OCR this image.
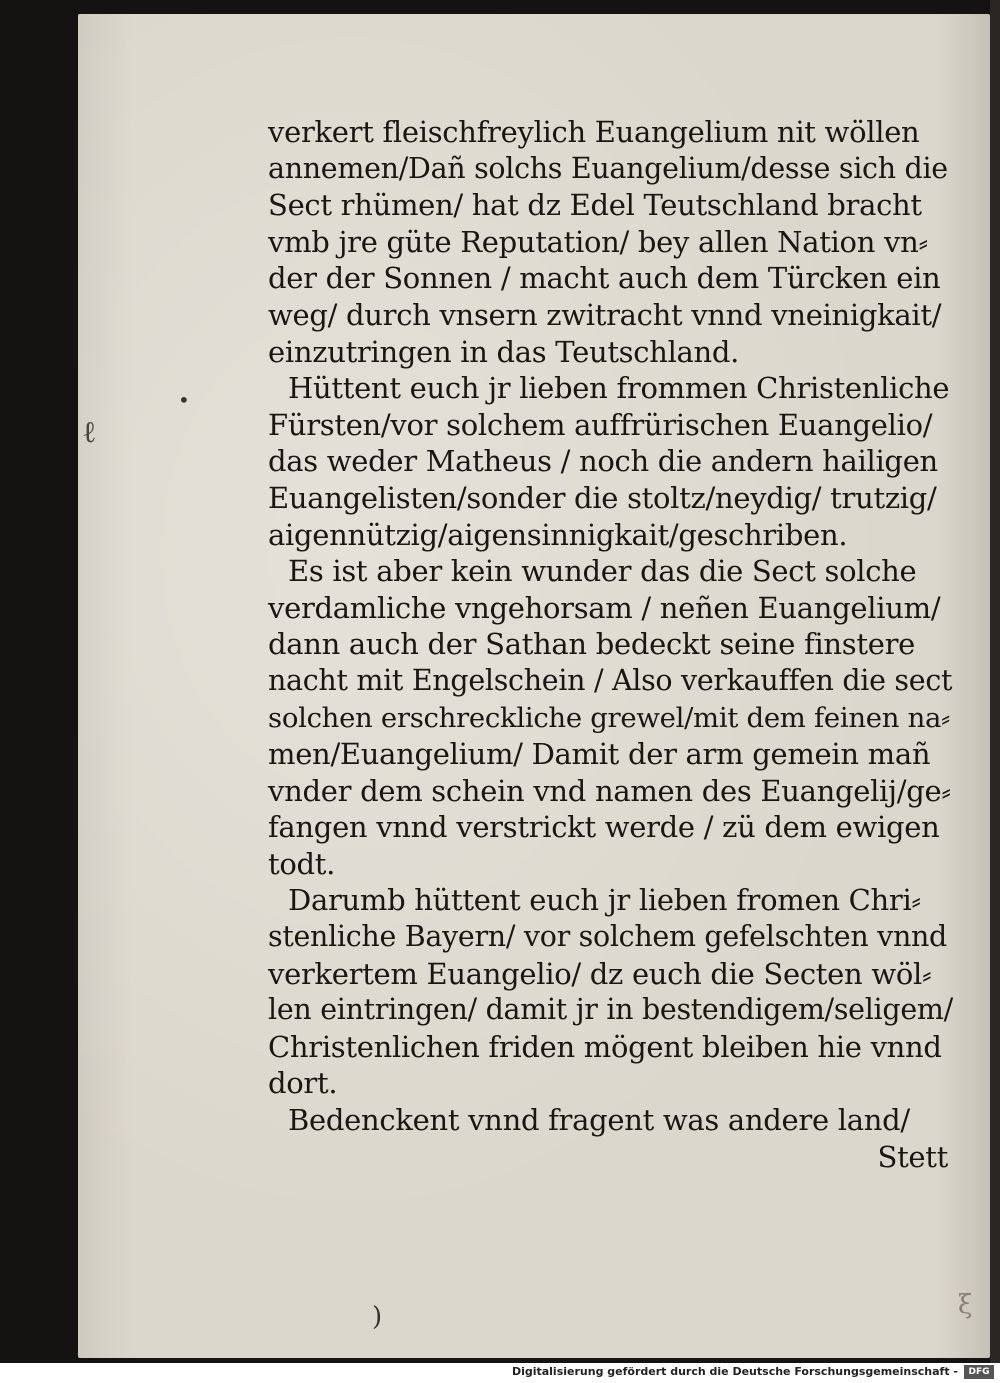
•
ℓ
verkert fleischfreylich Euangelium nit wöllen
annemen/Dañ solchs Euangelium/desse sich die
Sect rhümen/ hat dz Edel Teutschland bracht
vmb jre güte Reputation/ bey allen Nation vn⸗
der der Sonnen / macht auch dem Türcken ein
weg/ durch vnsern zwitracht vnnd vneinigkait/
einzutringen in das Teutschland.
Hüttent euch jr lieben frommen Christenliche
Fürsten/vor solchem auffrürischen Euangelio/
das weder Matheus / noch die andern hailigen
Euangelisten/sonder die stoltz/neydig/ trutzig/
aigennützig/aigensinnigkait/geschriben.
Es ist aber kein wunder das die Sect solche
verdamliche vngehorsam / neñen Euangelium/
dann auch der Sathan bedeckt seine finstere
nacht mit Engelschein / Also verkauffen die sect
solchen erschreckliche grewel/mit dem feinen na⸗
men/Euangelium/ Damit der arm gemein mañ
vnder dem schein vnd namen des Euangelij/ge⸗
fangen vnnd verstrickt werde / zü dem ewigen
todt.
Darumb hüttent euch jr lieben fromen Chri⸗
stenliche Bayern/ vor solchem gefelschten vnnd
verkertem Euangelio/ dz euch die Secten wöl⸗
len eintringen/ damit jr in bestendigem/seligem/
Christenlichen friden mögent bleiben hie vnnd
dort.
Bedenckent vnnd fragent was andere land/
Stett
)	ξ
Digitalisierung gefördert durch die Deutsche Forschungsgemeinschaft -	DFG
